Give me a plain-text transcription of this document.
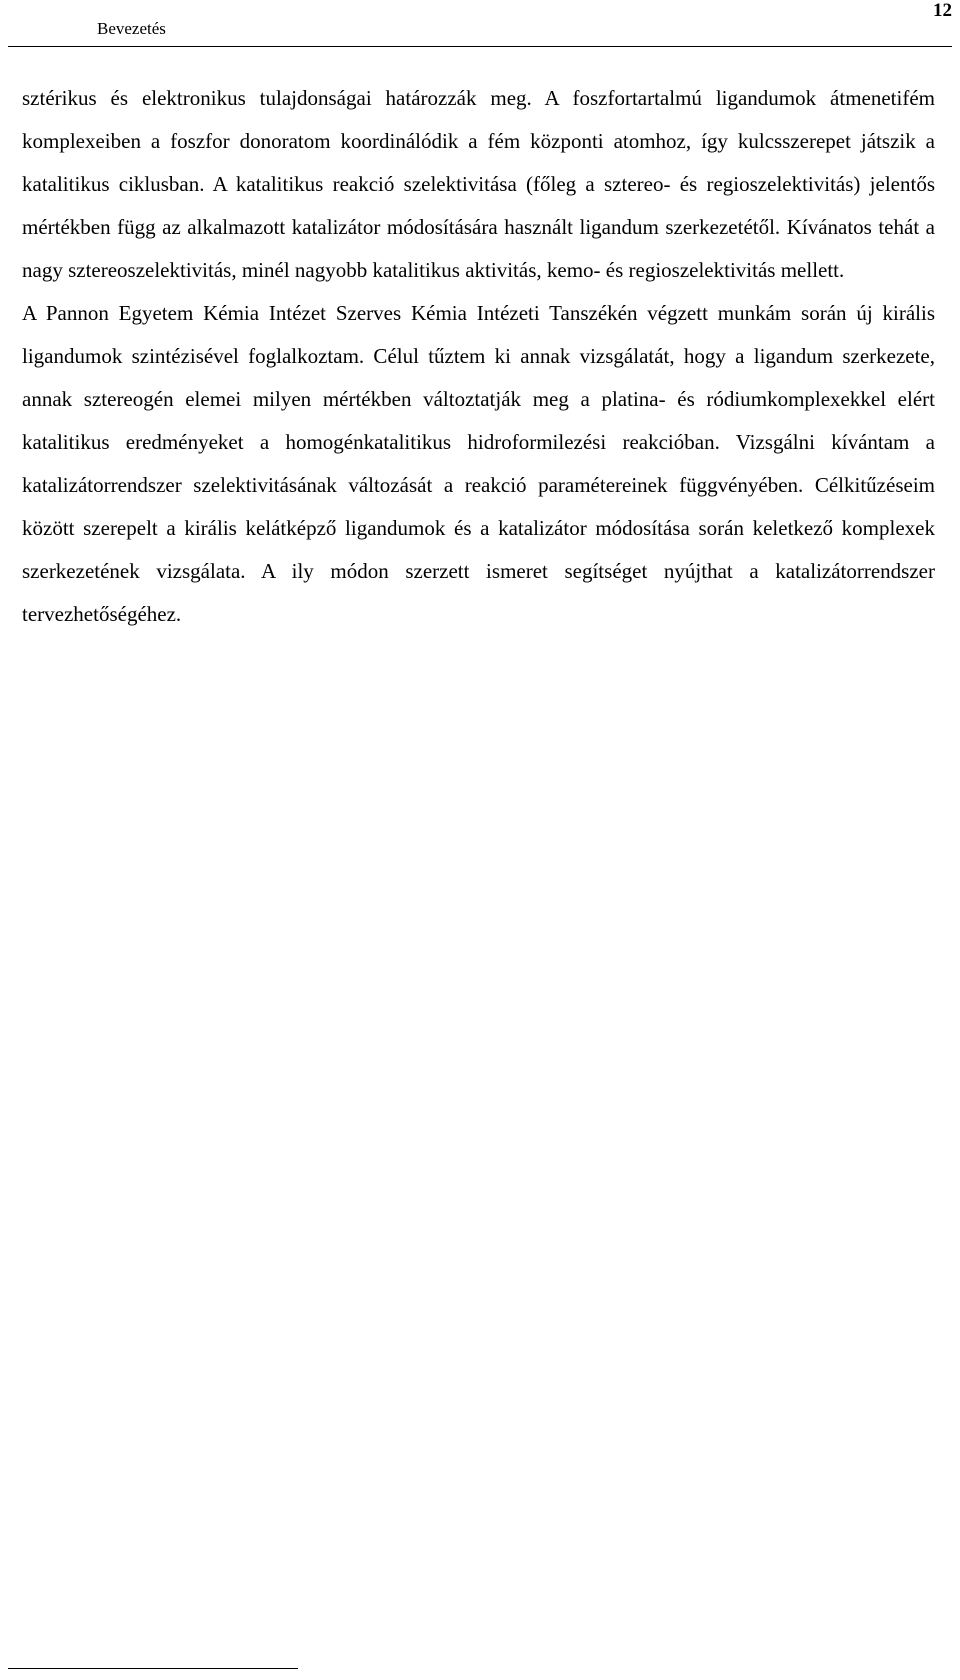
Bevezetés
12

sztérikus és elektronikus tulajdonságai határozzák meg. A foszfortartalmú ligandumok átmenetifém komplexeiben a foszfor donoratom koordinálódik a fém központi atomhoz, így kulcsszerepet játszik a katalitikus ciklusban. A katalitikus reakció szelektivitása (főleg a sztereo- és regioszelektivitás) jelentős mértékben függ az alkalmazott katalizátor módosítására használt ligandum szerkezetétől. Kívánatos tehát a nagy sztereoszelektivitás, minél nagyobb katalitikus aktivitás, kemo- és regioszelektivitás mellett.

A Pannon Egyetem Kémia Intézet Szerves Kémia Intézeti Tanszékén végzett munkám során új királis ligandumok szintézisével foglalkoztam. Célul tűztem ki annak vizsgálatát, hogy a ligandum szerkezete, annak sztereogén elemei milyen mértékben változtatják meg a platina- és ródiumkomplexekkel elért katalitikus eredményeket a homogénkatalitikus hidroformilezési reakcióban. Vizsgálni kívántam a katalizátorrendszer szelektivitásának változását a reakció paramétereinek függvényében. Célkitűzéseim között szerepelt a királis kelátképző ligandumok és a katalizátor módosítása során keletkező komplexek szerkezetének vizsgálata. A ily módon szerzett ismeret segítséget nyújthat a katalizátorrendszer tervezhetőségéhez.
